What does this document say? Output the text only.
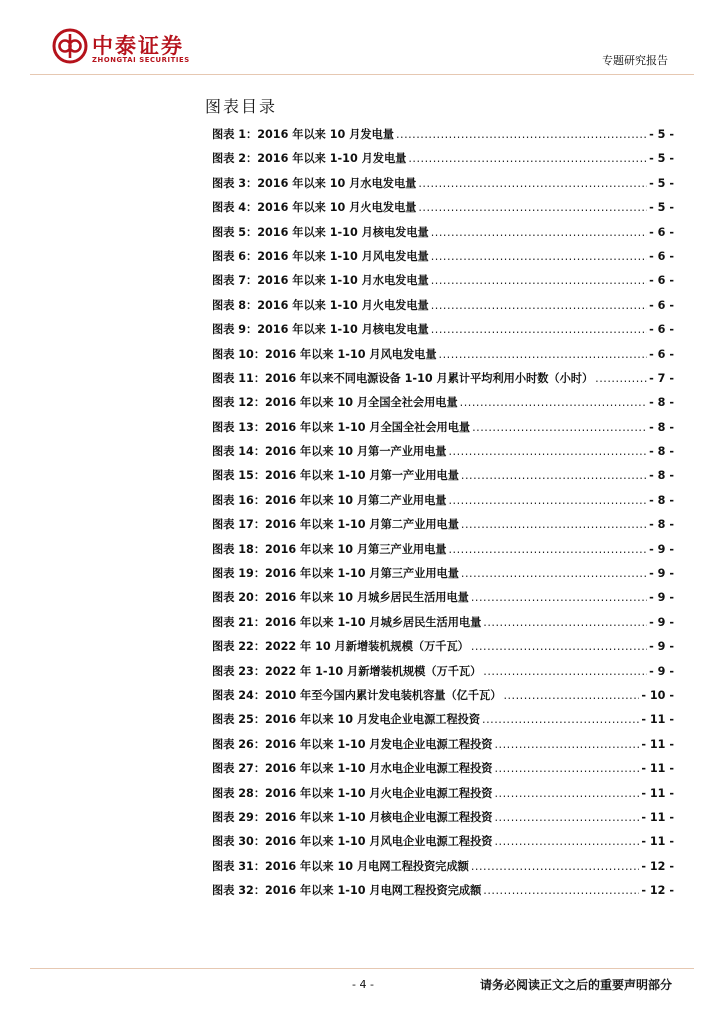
中泰证券
ZHONGTAI SECURITIES	专题研究报告
图表目录
图表 1：2016 年以来 10 月发电量 .....	- 5 -
图表 2：2016 年以来 1-10 月发电量 .....	- 5 -
图表 3：2016 年以来 10 月水电发电量 .....	- 5 -
图表 4：2016 年以来 10 月火电发电量 .....	- 5 -
图表 5：2016 年以来 1-10 月核电发电量 .....	- 6 -
图表 6：2016 年以来 1-10 月风电发电量 .....	- 6 -
图表 7：2016 年以来 1-10 月水电发电量 .....	- 6 -
图表 8：2016 年以来 1-10 月火电发电量 .....	- 6 -
图表 9：2016 年以来 1-10 月核电发电量 .....	- 6 -
图表 10：2016 年以来 1-10 月风电发电量 .....	- 6 -
图表 11：2016 年以来不同电源设备 1-10 月累计平均利用小时数（小时） .....	- 7 -
图表 12：2016 年以来 10 月全国全社会用电量 .....	- 8 -
图表 13：2016 年以来 1-10 月全国全社会用电量 .....	- 8 -
图表 14：2016 年以来 10 月第一产业用电量 .....	- 8 -
图表 15：2016 年以来 1-10 月第一产业用电量 .....	- 8 -
图表 16：2016 年以来 10 月第二产业用电量 .....	- 8 -
图表 17：2016 年以来 1-10 月第二产业用电量 .....	- 8 -
图表 18：2016 年以来 10 月第三产业用电量 .....	- 9 -
图表 19：2016 年以来 1-10 月第三产业用电量 .....	- 9 -
图表 20：2016 年以来 10 月城乡居民生活用电量 .....	- 9 -
图表 21：2016 年以来 1-10 月城乡居民生活用电量 .....	- 9 -
图表 22：2022 年 10 月新增装机规模（万千瓦） .....	- 9 -
图表 23：2022 年 1-10 月新增装机规模（万千瓦） .....	- 9 -
图表 24：2010 年至今国内累计发电装机容量（亿千瓦） .....	- 10 -
图表 25：2016 年以来 10 月发电企业电源工程投资 .....	- 11 -
图表 26：2016 年以来 1-10 月发电企业电源工程投资 .....	- 11 -
图表 27：2016 年以来 1-10 月水电企业电源工程投资 .....	- 11 -
图表 28：2016 年以来 1-10 月火电企业电源工程投资 .....	- 11 -
图表 29：2016 年以来 1-10 月核电企业电源工程投资 .....	- 11 -
图表 30：2016 年以来 1-10 月风电企业电源工程投资 .....	- 11 -
图表 31：2016 年以来 10 月电网工程投资完成额 .....	- 12 -
图表 32：2016 年以来 1-10 月电网工程投资完成额 .....	- 12 -
- 4 -	请务必阅读正文之后的重要声明部分
